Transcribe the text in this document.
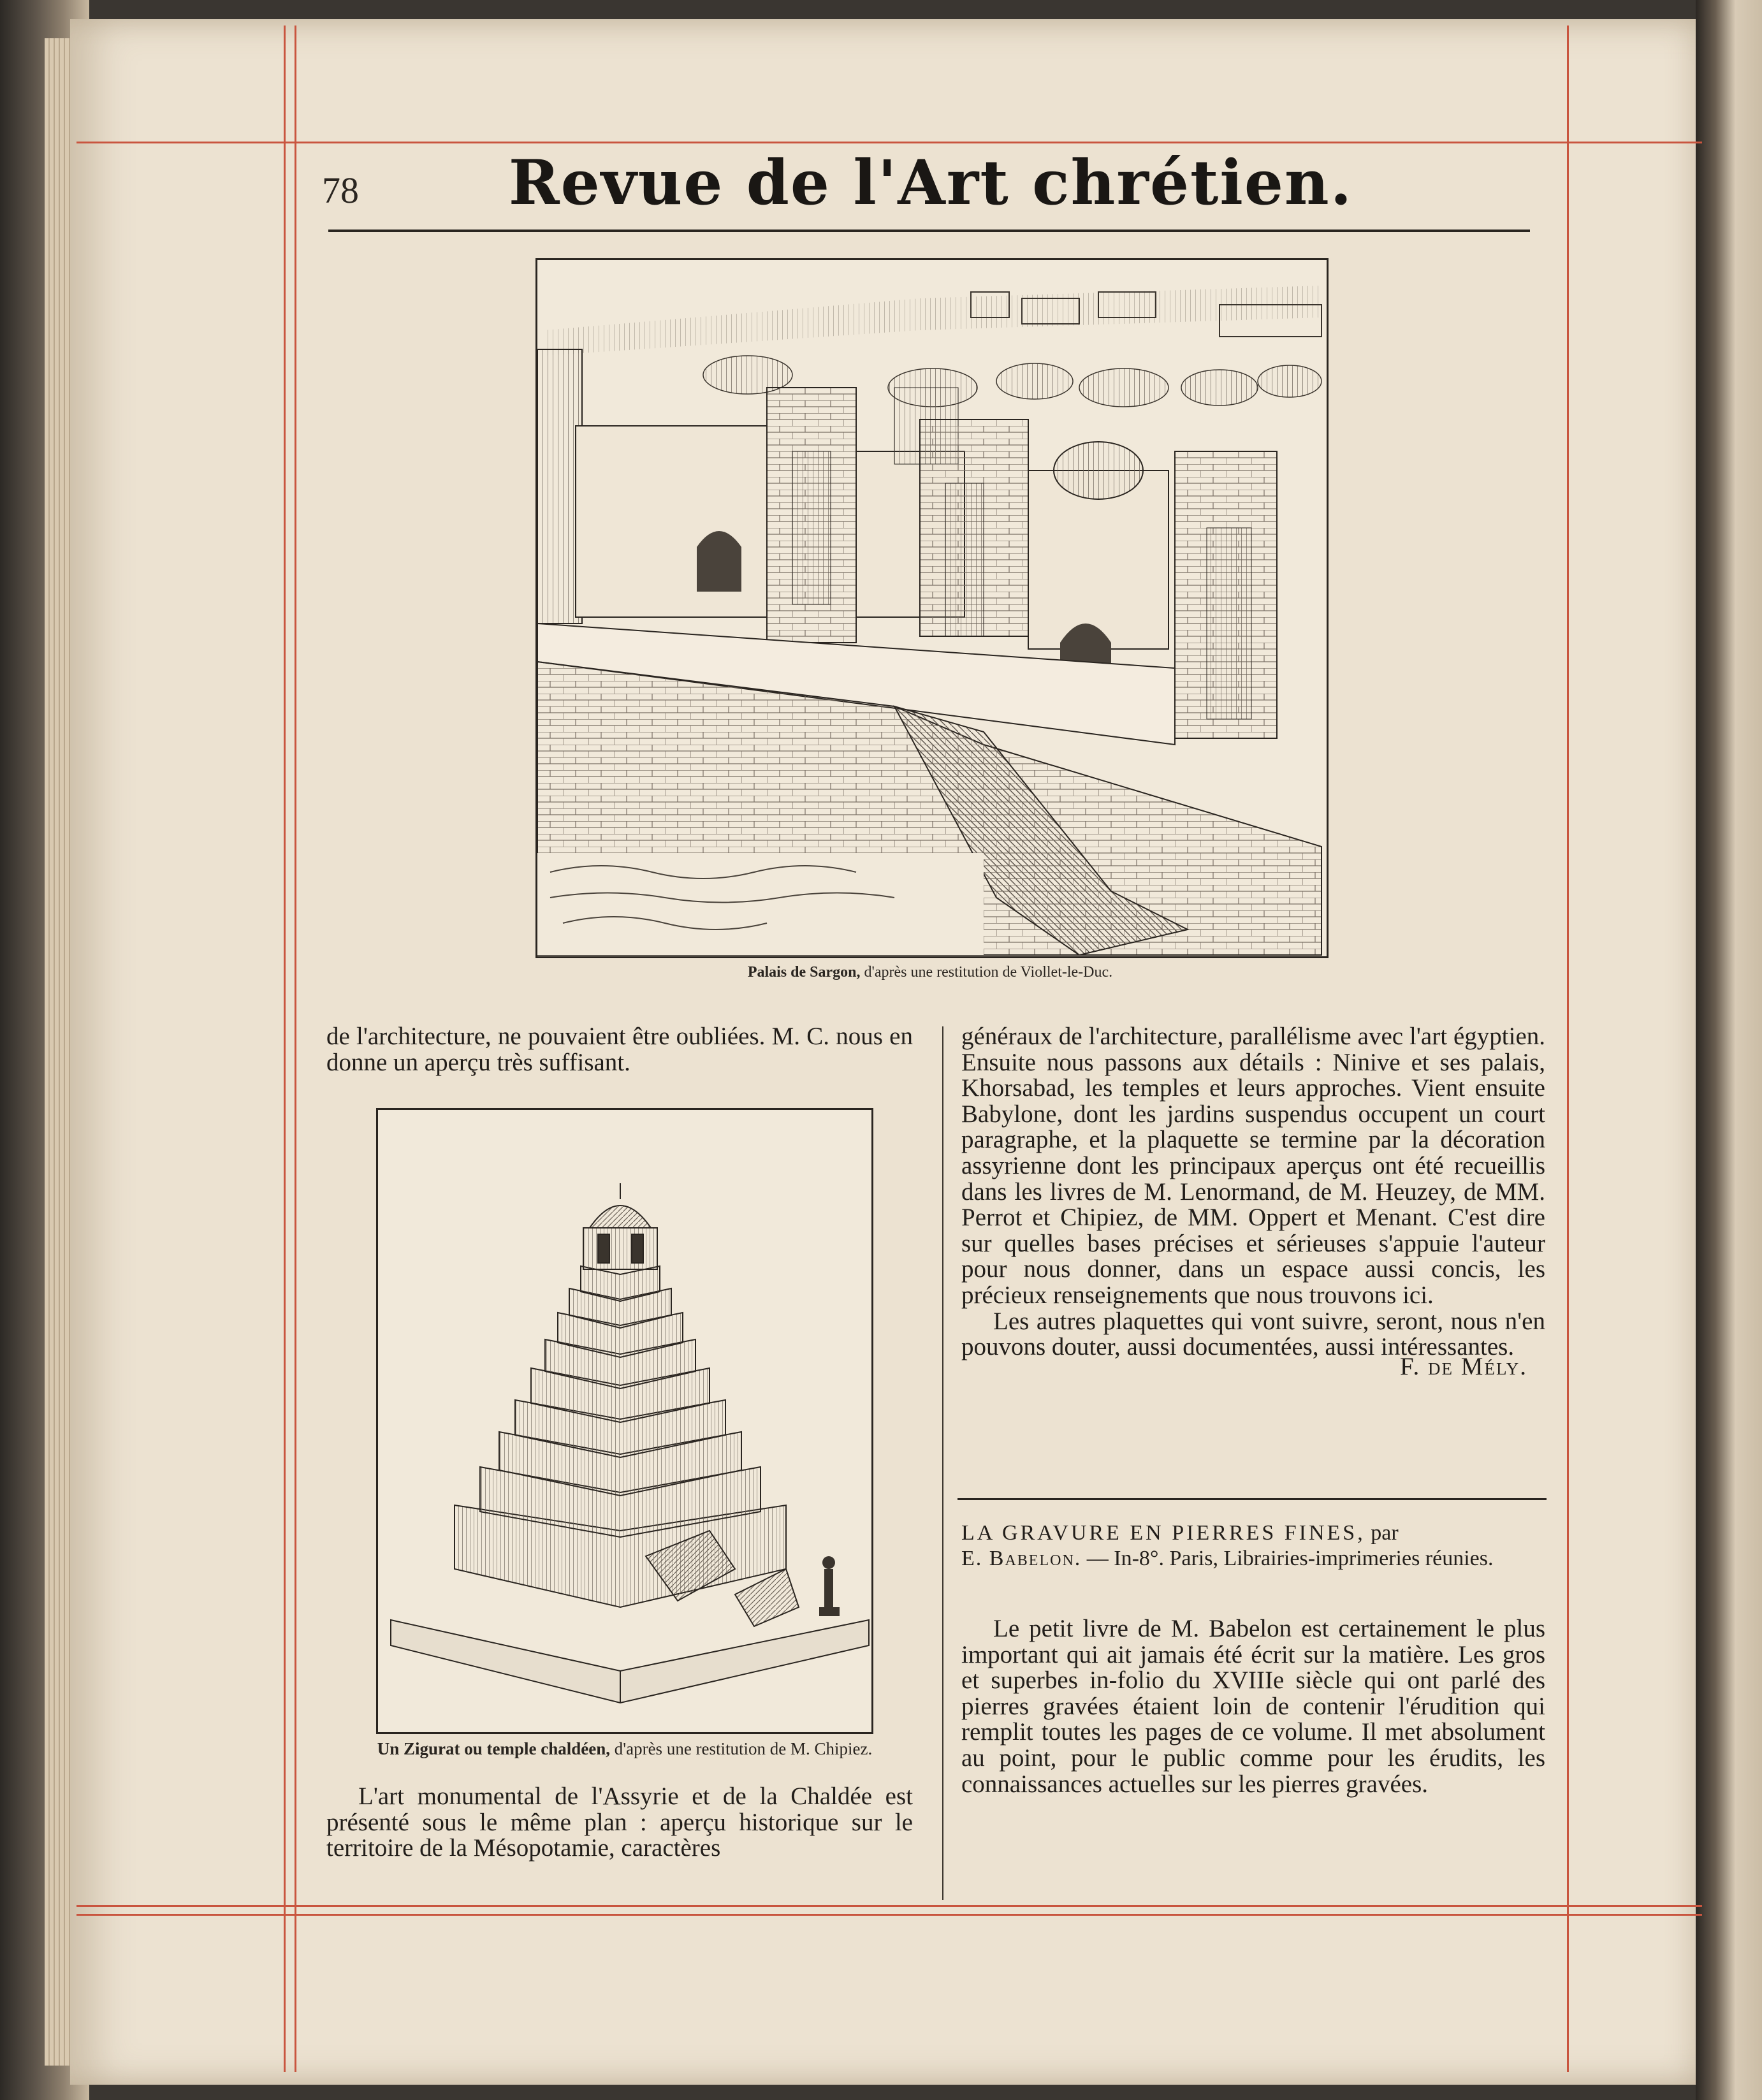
78	Revue de l'Art chrétien.
Palais de Sargon, d'après une restitution de Viollet-le-Duc.

de l'architecture, ne pouvaient être oubliées. M. C. nous en donne un aperçu très suffisant.

Un Zigurat ou temple chaldéen, d'après une restitution de M. Chipiez.

L'art monumental de l'Assyrie et de la Chaldée est présenté sous le même plan : aperçu historique sur le territoire de la Mésopotamie, caractères

généraux de l'architecture, parallélisme avec l'art égyptien. Ensuite nous passons aux détails : Ninive et ses palais, Khorsabad, les temples et leurs approches. Vient ensuite Babylone, dont les jardins suspendus occupent un court paragraphe, et la plaquette se termine par la décoration assyrienne dont les principaux aperçus ont été recueillis dans les livres de M. Lenormand, de M. Heuzey, de MM. Perrot et Chipiez, de MM. Oppert et Menant. C'est dire sur quelles bases précises et sérieuses s'appuie l'auteur pour nous donner, dans un espace aussi concis, les précieux renseignements que nous trouvons ici.

Les autres plaquettes qui vont suivre, seront, nous n'en pouvons douter, aussi documentées, aussi intéressantes.

F. de Mély.

LA GRAVURE EN PIERRES FINES, par
E. Babelon. — In-8°. Paris, Librairies-imprimeries réunies.

Le petit livre de M. Babelon est certainement le plus important qui ait jamais été écrit sur la matière. Les gros et superbes in-folio du XVIIIe siècle qui ont parlé des pierres gravées étaient loin de contenir l'érudition qui remplit toutes les pages de ce volume. Il met absolument au point, pour le public comme pour les érudits, les connaissances actuelles sur les pierres gravées.
